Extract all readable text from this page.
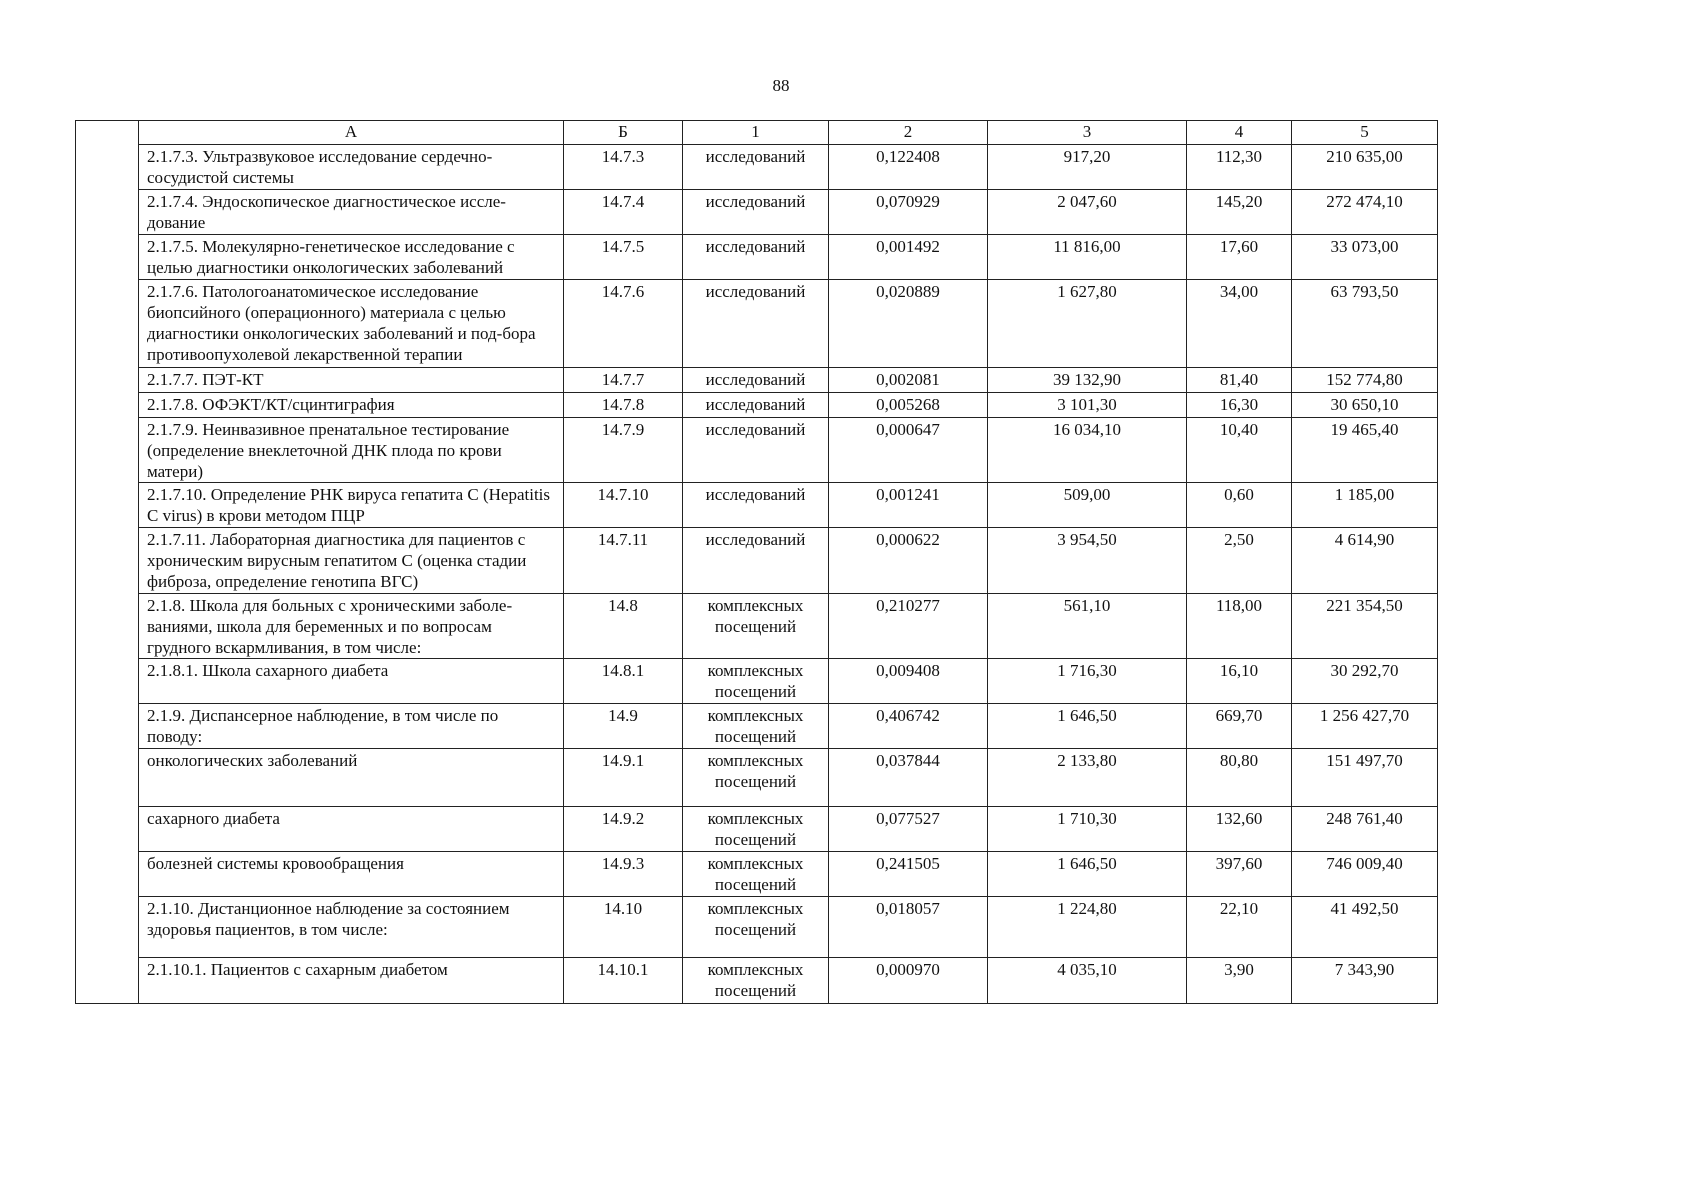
88
	А	Б	1	2	3	4	5
	2.1.7.3. Ультразвуковое исследование сердечно-сосудистой системы	14.7.3	исследований	0,122408	917,20	112,30	210 635,00
	2.1.7.4. Эндоскопическое диагностическое иссле-дование	14.7.4	исследований	0,070929	2 047,60	145,20	272 474,10
	2.1.7.5. Молекулярно-генетическое исследование с целью диагностики онкологических заболеваний	14.7.5	исследований	0,001492	11 816,00	17,60	33 073,00
	2.1.7.6. Патологоанатомическое исследование биопсийного (операционного) материала с целью диагностики онкологических заболеваний и под-бора противоопухолевой лекарственной терапии	14.7.6	исследований	0,020889	1 627,80	34,00	63 793,50
	2.1.7.7. ПЭТ-КТ	14.7.7	исследований	0,002081	39 132,90	81,40	152 774,80
	2.1.7.8. ОФЭКТ/КТ/сцинтиграфия	14.7.8	исследований	0,005268	3 101,30	16,30	30 650,10
	2.1.7.9. Неинвазивное пренатальное тестирование (определение внеклеточной ДНК плода по крови матери)	14.7.9	исследований	0,000647	16 034,10	10,40	19 465,40
	2.1.7.10. Определение РНК вируса гепатита С (Hepatitis C virus) в крови методом ПЦР	14.7.10	исследований	0,001241	509,00	0,60	1 185,00
	2.1.7.11. Лабораторная диагностика для пациентов с хроническим вирусным гепатитом С (оценка стадии фиброза, определение генотипа ВГС)	14.7.11	исследований	0,000622	3 954,50	2,50	4 614,90
	2.1.8. Школа для больных с хроническими заболе-ваниями, школа для беременных и по вопросам грудного вскармливания, в том числе:	14.8	комплексных посещений	0,210277	561,10	118,00	221 354,50
	2.1.8.1. Школа сахарного диабета	14.8.1	комплексных посещений	0,009408	1 716,30	16,10	30 292,70
	2.1.9. Диспансерное наблюдение, в том числе по поводу:	14.9	комплексных посещений	0,406742	1 646,50	669,70	1 256 427,70
	онкологических заболеваний	14.9.1	комплексных посещений	0,037844	2 133,80	80,80	151 497,70
	сахарного диабета	14.9.2	комплексных посещений	0,077527	1 710,30	132,60	248 761,40
	болезней системы кровообращения	14.9.3	комплексных посещений	0,241505	1 646,50	397,60	746 009,40
	2.1.10. Дистанционное наблюдение за состоянием здоровья пациентов, в том числе:	14.10	комплексных посещений	0,018057	1 224,80	22,10	41 492,50
	2.1.10.1. Пациентов с сахарным диабетом	14.10.1	комплексных посещений	0,000970	4 035,10	3,90	7 343,90
